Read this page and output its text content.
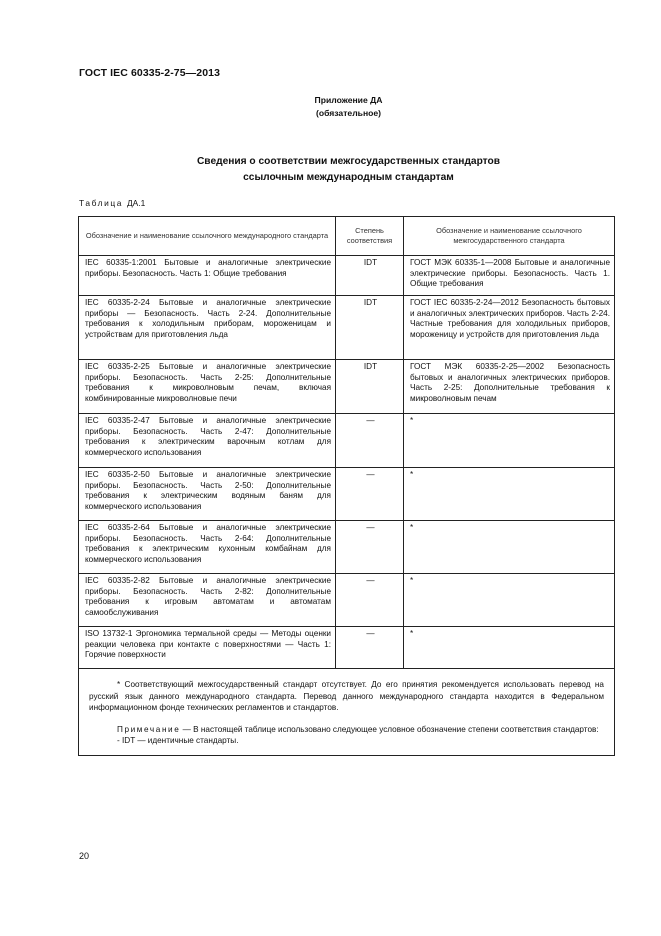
ГОСТ IEC 60335-2-75—2013
Приложение ДА
(обязательное)
Сведения о соответствии межгосударственных стандартов
ссылочным международным стандартам
Таблица ДА.1
Обозначение и наименование ссылочного международного стандарта	Степень соответствия	Обозначение и наименование ссылочного межгосударственного стандарта
IEC 60335-1:2001 Бытовые и аналогичные электрические приборы. Безопасность. Часть 1: Общие требования	IDT	ГОСТ МЭК 60335-1—2008 Бытовые и аналогичные электрические приборы. Безопасность. Часть 1. Общие требования
IEC 60335-2-24 Бытовые и аналогичные электрические приборы — Безопасность. Часть 2-24. Дополнительные требования к холодильным приборам, мороженицам и устройствам для приготовления льда	IDT	ГОСТ IEC 60335-2-24—2012 Безопасность бытовых и аналогичных электрических приборов. Часть 2-24. Частные требования для холодильных приборов, мороженицу и устройств для приготовления льда
IEC 60335-2-25 Бытовые и аналогичные электрические приборы. Безопасность. Часть 2-25: Дополнительные требования к микроволновым печам, включая комбинированные микроволновые печи	IDT	ГОСТ МЭК 60335-2-25—2002 Безопасность бытовых и аналогичных электрических приборов. Часть 2-25: Дополнительные требования к микроволновым печам
IEC 60335-2-47 Бытовые и аналогичные электрические приборы. Безопасность. Часть 2-47: Дополнительные требования к электрическим варочным котлам для коммерческого использования	—	*
IEC 60335-2-50 Бытовые и аналогичные электрические приборы. Безопасность. Часть 2-50: Дополнительные требования к электрическим водяным баням для коммерческого использования	—	*
IEC 60335-2-64 Бытовые и аналогичные электрические приборы. Безопасность. Часть 2-64: Дополнительные требования к электрическим кухонным комбайнам для коммерческого использования	—	*
IEC 60335-2-82 Бытовые и аналогичные электрические приборы. Безопасность. Часть 2-82: Дополнительные требования к игровым автоматам и автоматам самообслуживания	—	*
ISO 13732-1 Эргономика термальной среды — Методы оценки реакции человека при контакте с поверхностями — Часть 1: Горячие поверхности	—	*

* Соответствующий межгосударственный стандарт отсутствует. До его принятия рекомендуется использовать перевод на русский язык данного международного стандарта. Перевод данного международного стандарта находится в Федеральном информационном фонде технических регламентов и стандартов.

Примечание — В настоящей таблице использовано следующее условное обозначение степени соответствия стандартов:

- IDT — идентичные стандарты.		

20
